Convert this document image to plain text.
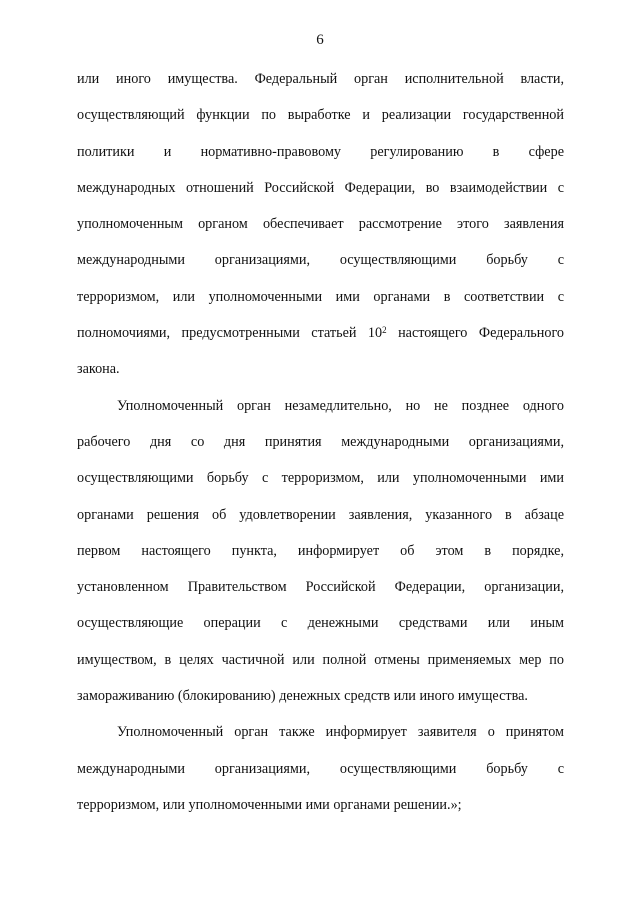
6
или иного имущества. Федеральный орган исполнительной власти,
осуществляющий функции по выработке и реализации государственной
политики и нормативно-правовому регулированию в сфере
международных отношений Российской Федерации, во взаимодействии с
уполномоченным органом обеспечивает рассмотрение этого заявления
международными организациями, осуществляющими борьбу с
терроризмом, или уполномоченными ими органами в соответствии с
полномочиями, предусмотренными статьей $10^2$ настоящего Федерального
закона.
Уполномоченный орган незамедлительно, но не позднее одного
рабочего дня со дня принятия международными организациями,
осуществляющими борьбу с терроризмом, или уполномоченными ими
органами решения об удовлетворении заявления, указанного в абзаце
первом настоящего пункта, информирует об этом в порядке,
установленном Правительством Российской Федерации, организации,
осуществляющие операции с денежными средствами или иным
имуществом, в целях частичной или полной отмены применяемых мер по
замораживанию (блокированию) денежных средств или иного имущества.
Уполномоченный орган также информирует заявителя о принятом
международными организациями, осуществляющими борьбу с
терроризмом, или уполномоченными ими органами решении.»;
